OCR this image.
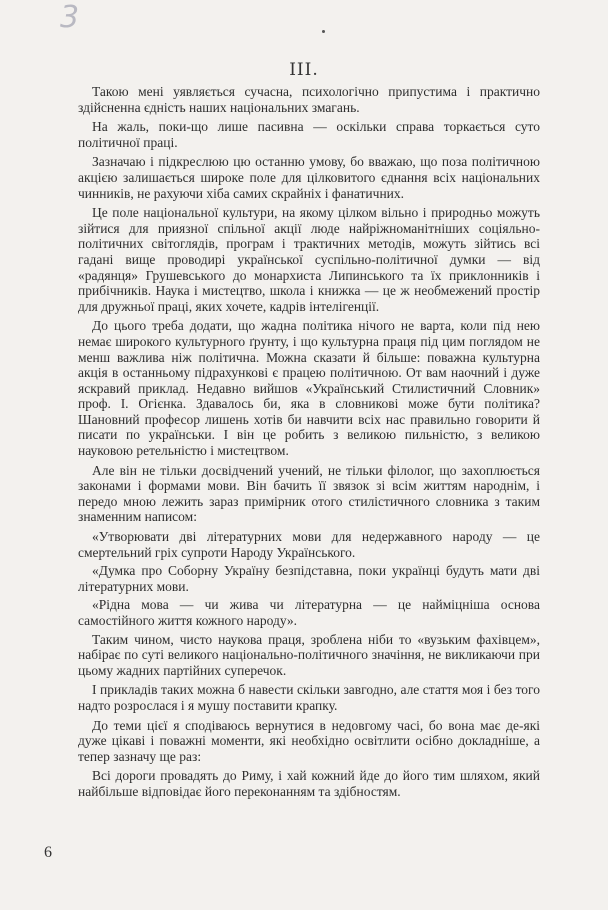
3
III.

Такою мені уявляється сучасна, психологічно припустима і практично здійсненна єдність наших національних змагань.

На жаль, поки-що лише пасивна — оскільки справа торкається суто політичної праці.

Зазначаю і підкреслюю цю останню умову, бо вважаю, що поза політичною акцією залишається широке поле для цілковитого єднання всіх національних чинників, не рахуючи хіба самих скрайніх і фанатичних.

Це поле національної культури, на якому цілком вільно і природньо можуть зійтися для приязної спільної акції люде найріжноманітніших соціяльно-політичних світоглядів, програм і трактичних методів, можуть зійтись всі гадані вище проводирі української суспільно-політичної думки — від «радянця» Грушевського до монархиста Липинського та їх приклонників і прибічників. Наука і мистецтво, школа і книжка — це ж необмежений простір для дружньої праці, яких хочете, кадрів інтелігенції.

До цього треба додати, що жадна політика нічого не варта, коли під нею немає широкого культурного ґрунту, і що культурна праця під цим поглядом не менш важлива ніж політична. Можна сказати й більше: поважна культурна акція в останньому підрахункові є працею політичною. От вам наочний і дуже яскравий приклад. Недавно вийшов «Український Стилистичний Словник» проф. І. Огієнка. Здавалось би, яка в словникові може бути політика? Шановний професор лишень хотів би навчити всіх нас правильно говорити й писати по українськи. І він це робить з великою пильністю, з великою науковою ретельністю і мистецтвом.

Але він не тільки досвідчений учений, не тільки філолог, що захоплюється законами і формами мови. Він бачить її звязок зі всім життям народнім, і передо мною лежить зараз примірник отого стилістичного словника з таким знаменним написом:

«Утворювати дві літературних мови для недержавного народу — це смертельний гріх супроти Народу Українського.

«Думка про Соборну Україну безпідставна, поки українці будуть мати дві літературних мови.

«Рідна мова — чи жива чи літературна — це наймiцніша основа самостійного життя кожного народу».

Таким чином, чисто наукова праця, зроблена ніби то «вузьким фахівцем», набірає по суті великого національно-політичного значіння, не викликаючи при цьому жадних партійних суперечок.

І прикладів таких можна б навести скільки завгодно, але стаття моя і без того надто розрослася і я мушу поставити крапку.

До теми цієї я сподіваюсь вернутися в недовгому часі, бо вона має де-які дуже цікаві і поважні моменти, які необхідно освітлити осібно докладніше, а тепер зазначу ще раз:

Всі дороги провадять до Риму, і хай кожний йде до його тим шляхом, який найбільше відповідає його переконанням та здібностям.

6
